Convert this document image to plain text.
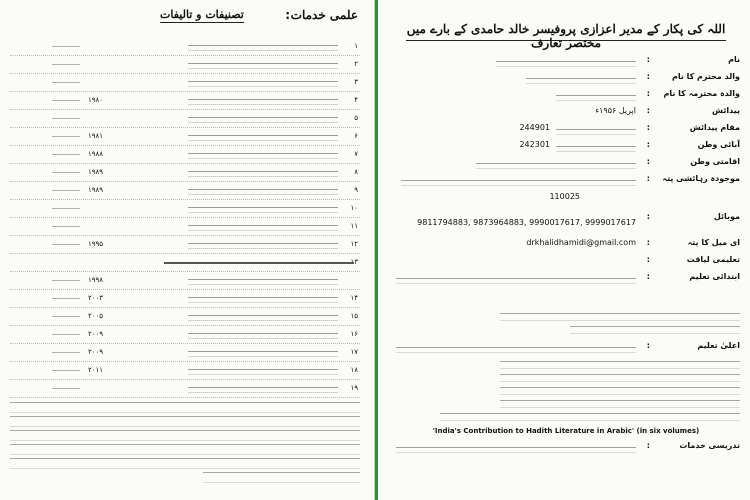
علمی خدمات
:
تصنیفات و تالیفات
۱
۲
۳
۴
۱۹۸۰
۵
۶
۱۹۸۱
۷
۱۹۸۸
۸
۱۹۸۹
۹
۱۹۸۹
۱۰
۱۱
۱۲
۱۹۹۵
۱۳
۱۹۹۸
۱۴
۲۰۰۳
۱۵
۲۰۰۵
۱۶
۲۰۰۹
۱۷
۲۰۰۹
۱۸
۲۰۱۱
۱۹
اللہ کی پکار کے مدیر اعزازی پروفیسر خالد حامدی کے بارے میں مختصر تعارف
نام
:
والد محترم کا نام
:
والدہ محترمہ کا نام
:
پیدائش
:
اپریل ۱۹۵۶ء
مقام پیدائش
:
244901
آبائی وطن
:
242301
اقامتی وطن
:
موجودہ رہائشی پتہ
:
110025
موبائل
:
9811794883, 9873964883, 9990017617, 9999017617
ای میل کا پتہ
:
drkhalidhamidi@gmail.com
تعلیمی لیاقت
:
ابتدائی تعلیم
:
اعلیٰ تعلیم
:
'India's Contribution to Hadith Literature in Arabic' (in six volumes)
تدریسی خدمات
:
